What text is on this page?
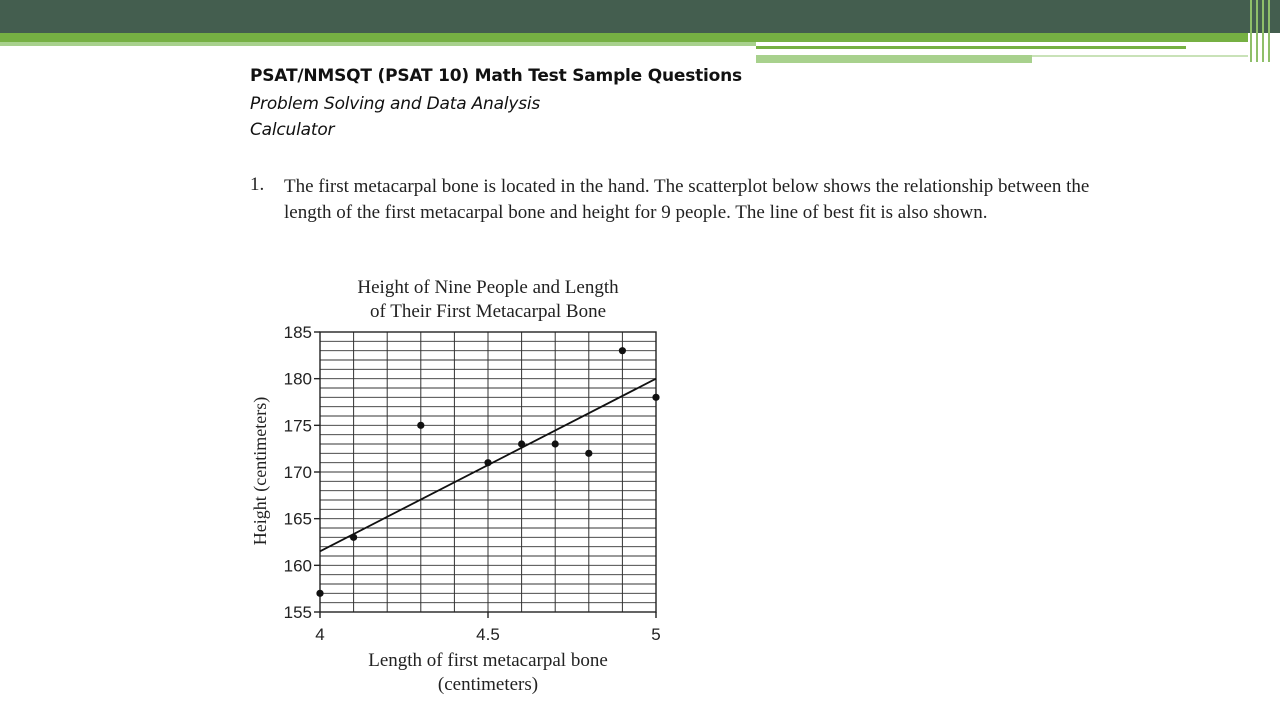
PSAT/NMSQT (PSAT 10) Math Test Sample Questions

Problem Solving and Data Analysis

Calculator

1. The first metacarpal bone is located in the hand. The scatterplot below shows the relationship between the length of the first metacarpal bone and height for 9 people. The line of best fit is also shown.

Height of Nine People and Length
of Their First Metacarpal Bone
155
160
165
170
175
180
185
4	4.5	5
Length of first metacarpal bone
(centimeters)
Height (centimeters)
